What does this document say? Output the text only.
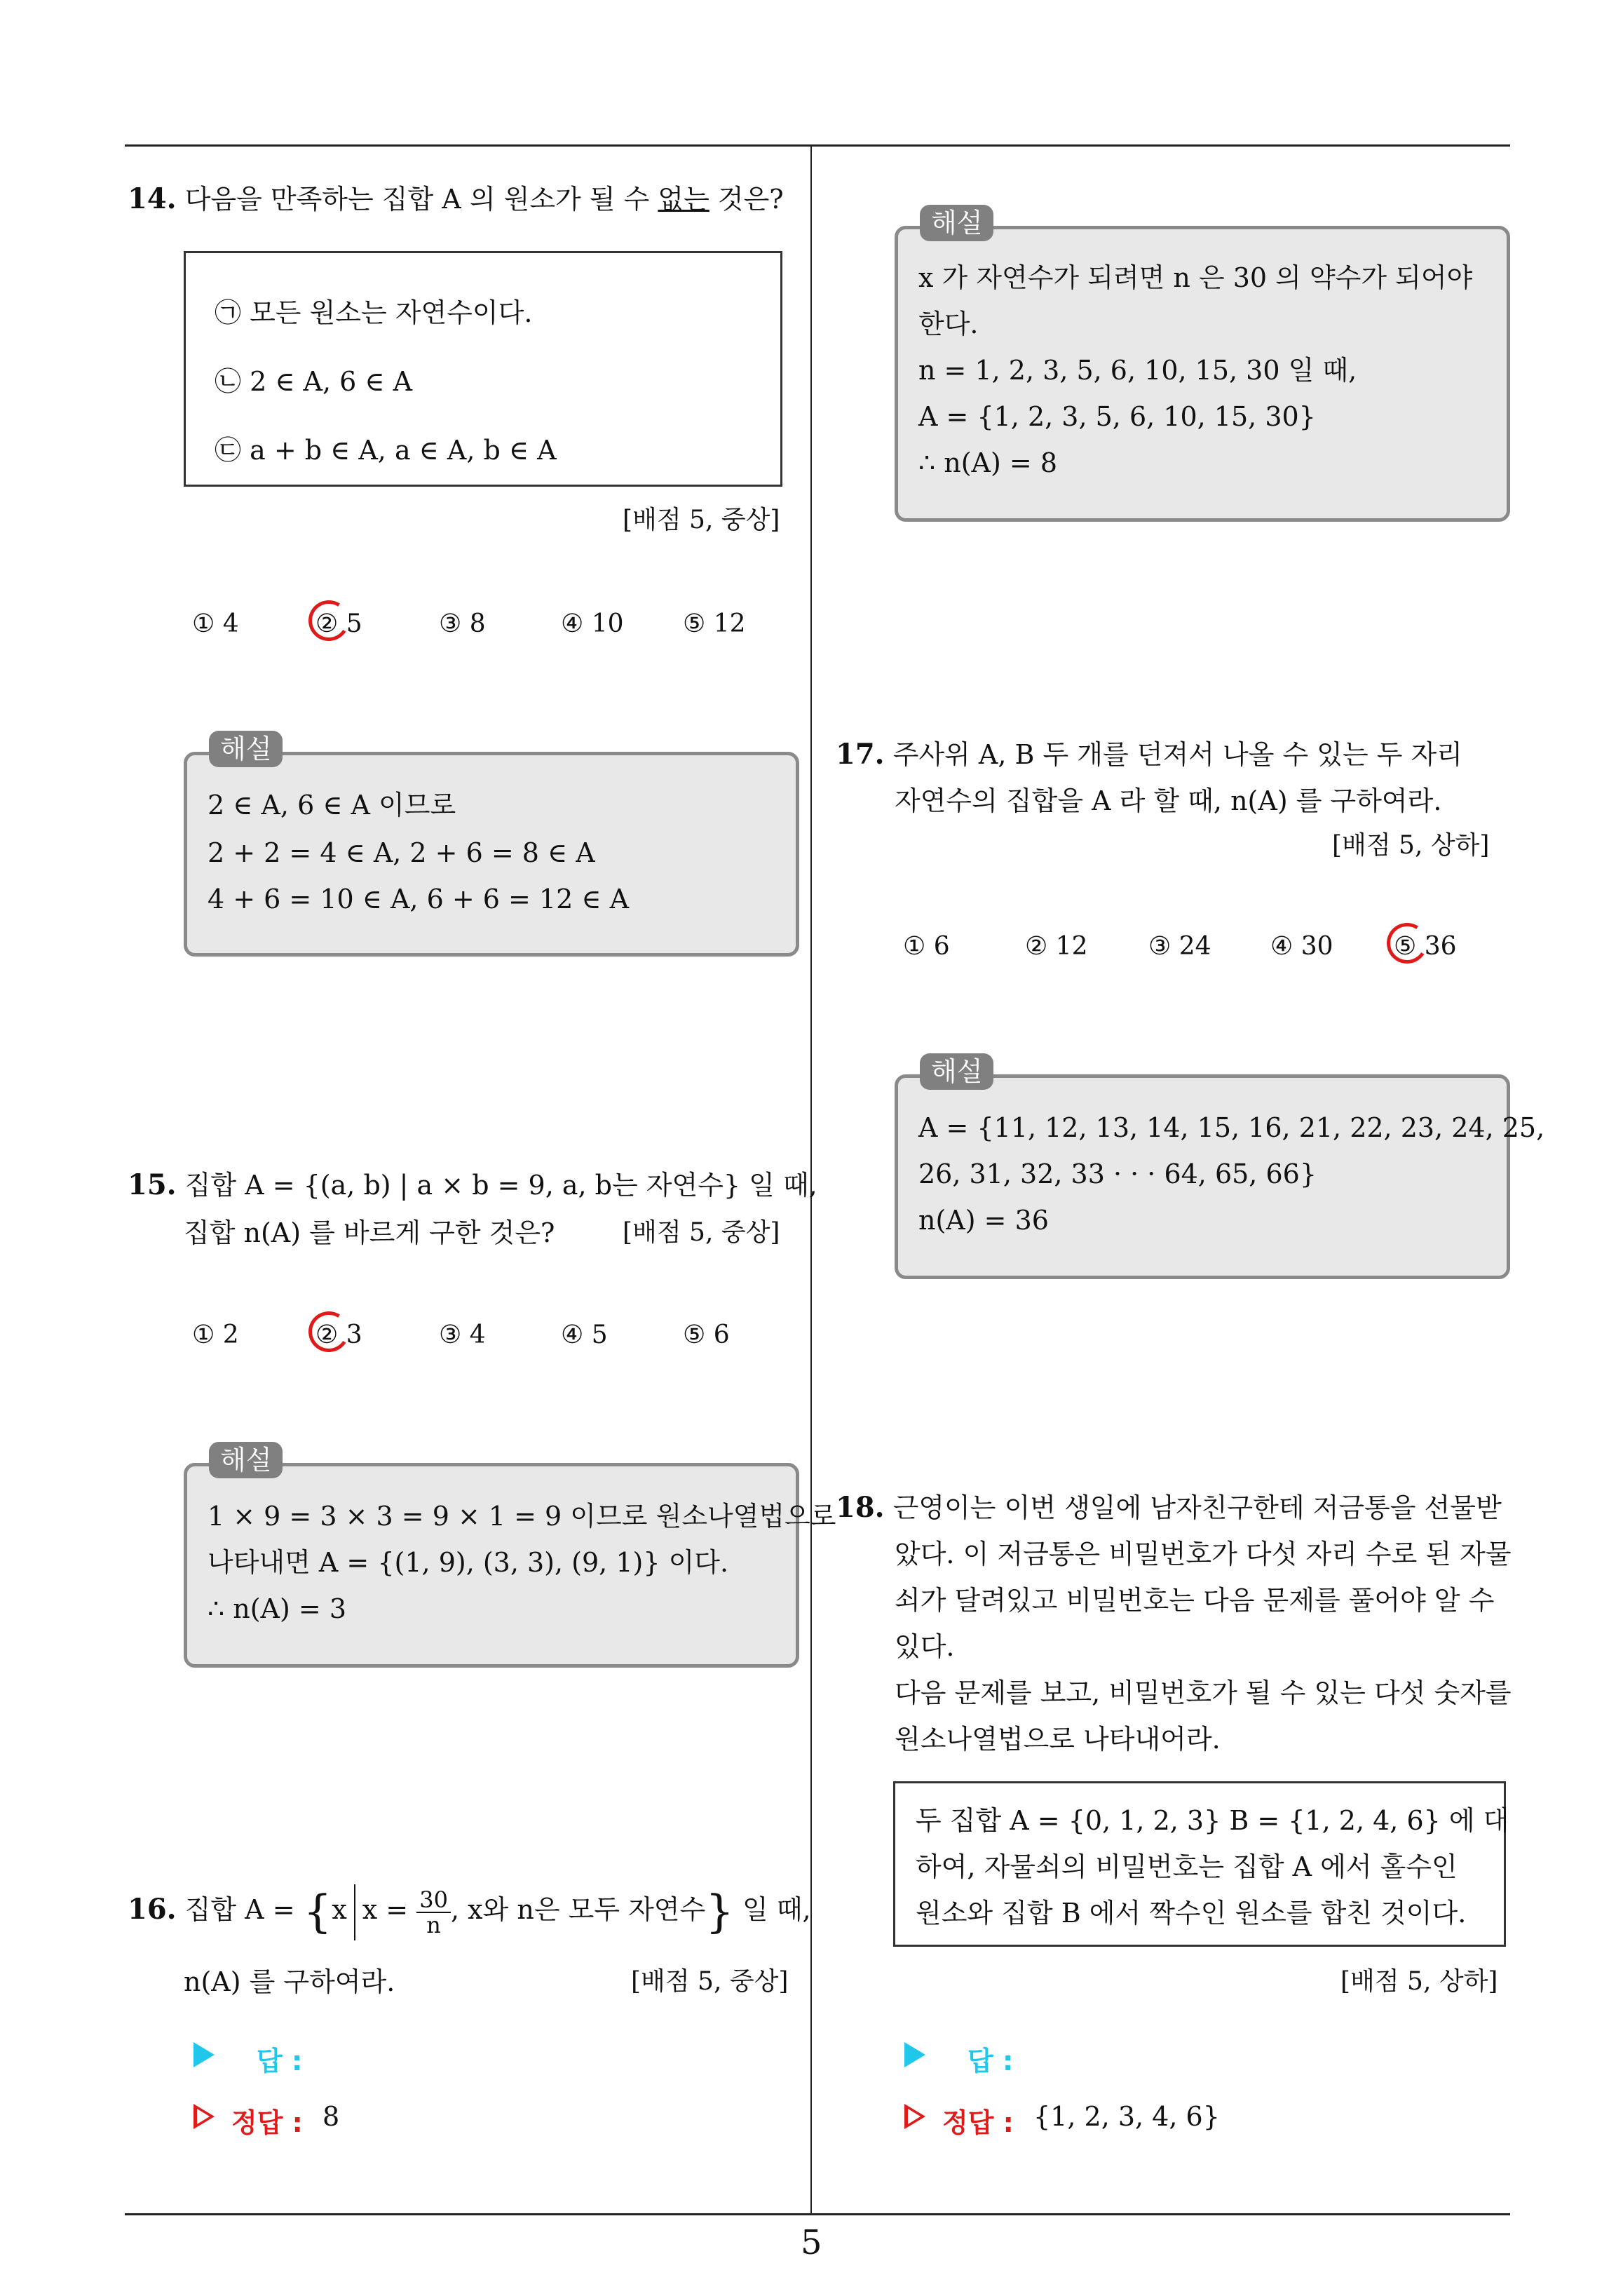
14. 다음을 만족하는 집합 A 의 원소가 될 수 없는 것은?
㉠ 모든 원소는 자연수이다.
㉡ 2 ∈ A, 6 ∈ A
㉢ a + b ∈ A, a ∈ A, b ∈ A
[배점 5, 중상]
① 4	② 5	③ 8	④ 10 ⑤ 12
해설
2 ∈ A, 6 ∈ A 이므로
2 + 2 = 4 ∈ A, 2 + 6 = 8 ∈ A
4 + 6 = 10 ∈ A, 6 + 6 = 12 ∈ A
15. 집합 A = {(a, b) | a × b = 9, a, b는 자연수} 일 때,
집합 n(A) 를 바르게 구한 것은?	[배점 5, 중상]
① 2	② 3	③ 4	④ 5	⑤ 6
해설
1 × 9 = 3 × 3 = 9 × 1 = 9 이므로 원소나열법으로
나타내면 A = {(1, 9), (3, 3), (9, 1)} 이다.
∴ n(A) = 3
16. 집합 A = {x $x = \frac{30}{n}$ , x와 n은 모두 자연수} 일 때,
n(A) 를 구하여라.	[배점 5, 중상]
답 :
정답 : 8
해설
x 가 자연수가 되려면 n 은 30 의 약수가 되어야
한다.
n = 1, 2, 3, 5, 6, 10, 15, 30 일 때,
A = {1, 2, 3, 5, 6, 10, 15, 30}
∴ n(A) = 8
17. 주사위 A, B 두 개를 던져서 나올 수 있는 두 자리
자연수의 집합을 A 라 할 때, n(A) 를 구하여라.
[배점 5, 상하]
① 6	② 12 ③ 24 ④ 30 ⑤ 36
해설
A = {11, 12, 13, 14, 15, 16, 21, 22, 23, 24, 25,
26, 31, 32, 33 · · · 64, 65, 66}
n(A) = 36
18. 근영이는 이번 생일에 남자친구한테 저금통을 선물받
았다. 이 저금통은 비밀번호가 다섯 자리 수로 된 자물
쇠가 달려있고 비밀번호는 다음 문제를 풀어야 알 수
있다.
다음 문제를 보고, 비밀번호가 될 수 있는 다섯 숫자를
원소나열법으로 나타내어라.
두 집합 A = {0, 1, 2, 3} B = {1, 2, 4, 6} 에 대
하여, 자물쇠의 비밀번호는 집합 A 에서 홀수인
원소와 집합 B 에서 짝수인 원소를 합친 것이다.
[배점 5, 상하]
답 :
정답 : {1, 2, 3, 4, 6}
5
